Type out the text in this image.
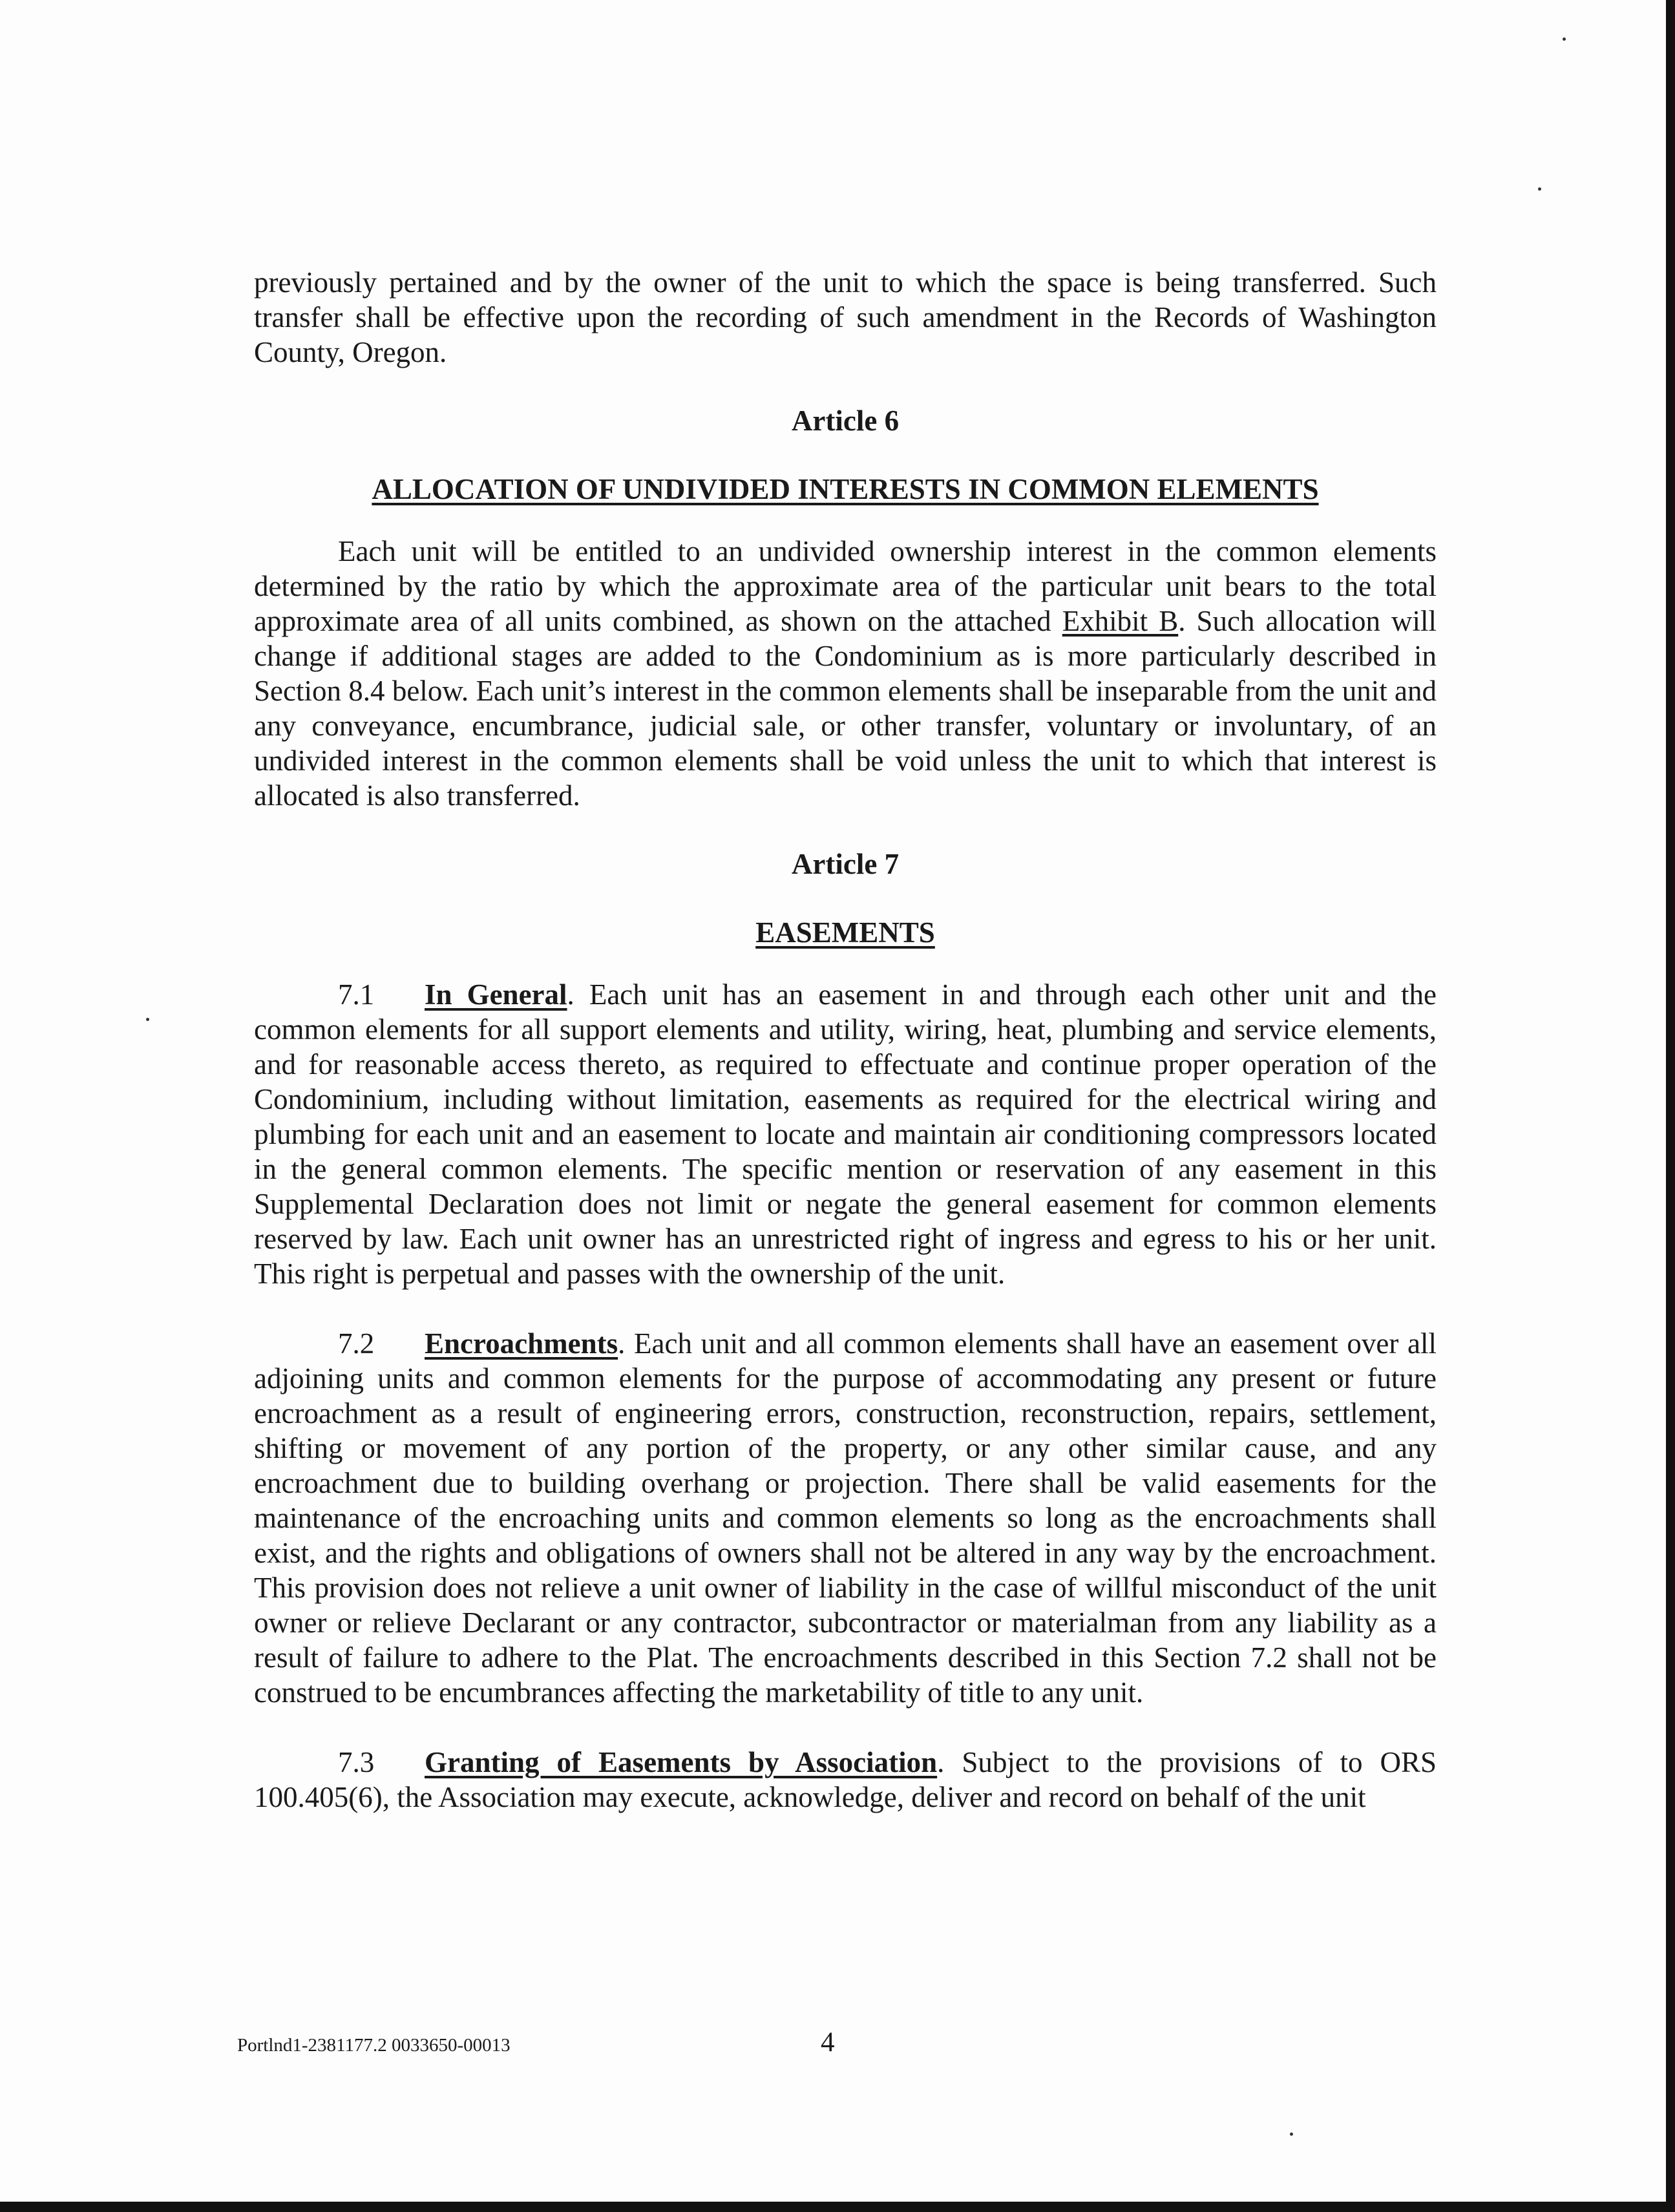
previously pertained and by the owner of the unit to which the space is being transferred. Such transfer shall be effective upon the recording of such amendment in the Records of Washington County, Oregon.

Article 6

ALLOCATION OF UNDIVIDED INTERESTS IN COMMON ELEMENTS

Each unit will be entitled to an undivided ownership interest in the common elements determined by the ratio by which the approximate area of the particular unit bears to the total approximate area of all units combined, as shown on the attached Exhibit B. Such allocation will change if additional stages are added to the Condominium as is more particularly described in Section 8.4 below. Each unit’s interest in the common elements shall be inseparable from the unit and any conveyance, encumbrance, judicial sale, or other transfer, voluntary or involuntary, of an undivided interest in the common elements shall be void unless the unit to which that interest is allocated is also transferred.

Article 7

EASEMENTS

7.1 In General. Each unit has an easement in and through each other unit and the common elements for all support elements and utility, wiring, heat, plumbing and service elements, and for reasonable access thereto, as required to effectuate and continue proper operation of the Condominium, including without limitation, easements as required for the electrical wiring and plumbing for each unit and an easement to locate and maintain air conditioning compressors located in the general common elements. The specific mention or reservation of any easement in this Supplemental Declaration does not limit or negate the general easement for common elements reserved by law. Each unit owner has an unrestricted right of ingress and egress to his or her unit. This right is perpetual and passes with the ownership of the unit.

7.2 Encroachments. Each unit and all common elements shall have an easement over all adjoining units and common elements for the purpose of accommodating any present or future encroachment as a result of engineering errors, construction, reconstruction, repairs, settlement, shifting or movement of any portion of the property, or any other similar cause, and any encroachment due to building overhang or projection. There shall be valid easements for the maintenance of the encroaching units and common elements so long as the encroachments shall exist, and the rights and obligations of owners shall not be altered in any way by the encroachment. This provision does not relieve a unit owner of liability in the case of willful misconduct of the unit owner or relieve Declarant or any contractor, subcontractor or materialman from any liability as a result of failure to adhere to the Plat. The encroachments described in this Section 7.2 shall not be construed to be encumbrances affecting the marketability of title to any unit.

7.3 Granting of Easements by Association. Subject to the provisions of to ORS 100.405(6), the Association may execute, acknowledge, deliver and record on behalf of the unit

Portlnd1-2381177.2 0033650-00013	4
